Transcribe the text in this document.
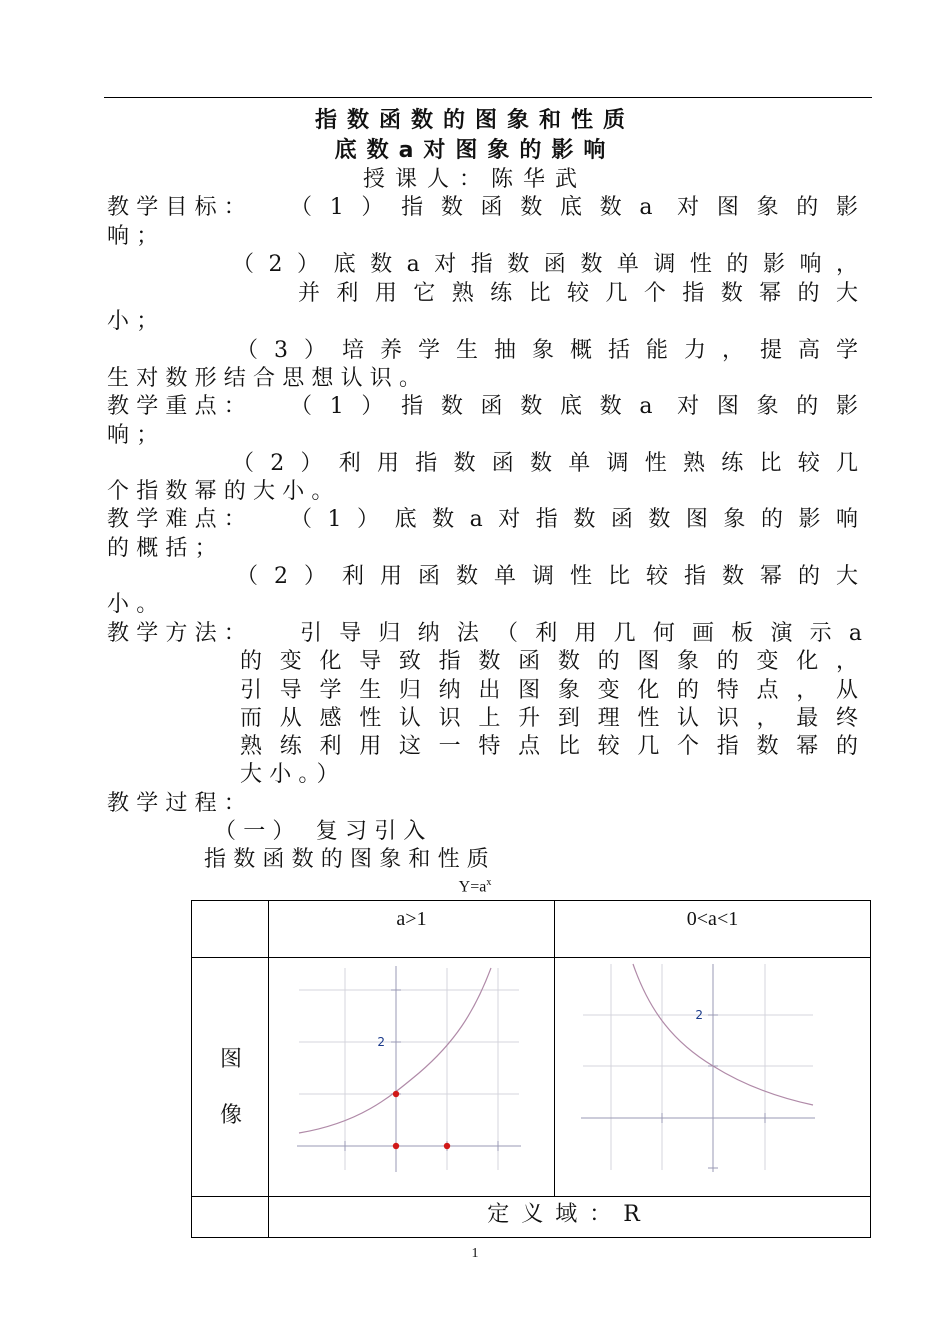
指数函数的图象和性质
底数a对图象的影响
授课人：陈华武
教学目标： （1）指数函数底数a 对图象的影
响；
（2）底数a对指数函数单调性的影响，
并利用它熟练比较几个指数幂的大
小；
（3）培养学生抽象概括能力，提高学
生对数形结合思想认识。
教学重点： （1）指数函数底数a 对图象的影
响；
（2）利用指数函数单调性熟练比较几
个指数幂的大小。
教学难点： （1）底数a对指数函数图象的影响
的概括；
（2）利用函数单调性比较指数幂的大
小。
教学方法： 引导归纳法（利用几何画板演示a
的变化导致指数函数的图象的变化，
引导学生归纳出图象变化的特点，从
而从感性认识上升到理性认识，最终
熟练利用这一特点比较几个指数幂的
大小。）
教学过程：
（一） 复习引入
指数函数的图象和性质
$Y=a^x$
a>1	0<a<1
图
像
2
2
定义域：R
1
